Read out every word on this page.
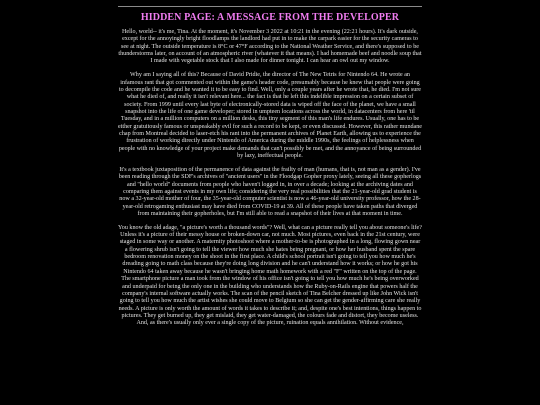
HIDDEN PAGE: A MESSAGE FROM THE DEVELOPER

Hello, world-- it's me, Tina. At the moment, it's November 3 2022 at 10:21 in the evening (22:21 hours). It's dark outside, except for the annoyingly bright floodlamps the landlord had put in to make the carpark easier for the security cameras to see at night. The outside temperature is 8°C or 47°F according to the National Weather Service, and there's supposed to be thunderstorms later, on account of an atmospheric river (whatever it that means). I had homemade beef and noodle soup that I made with vegetable stock that I also made for dinner tonight. I can hear an owl out my window.

Why am I saying all of this? Because of David Pridie, the director of The New Tetris for Nintendo 64. He wrote an infamous rant that got commented out within the game's header code, presumably because he knew that people were going to decompile the code and he wanted it to be easy to find. Well, only a couple years after he wrote that, he died. I'm not sure what he died of, and really it isn't relevant here... the fact is that he left this indelible impression on a certain subset of society. From 1999 until every last byte of electronically-stored data is wiped off the face of the planet, we have a small snapshot into the life of one game developer; stored in umpteen locations across the world, in datacenters from here 'til Tuesday, and in a million computers on a million desks, this tiny segment of this man's life endures. Usually, one has to be either gratuitously famous or unspeakably evil for such a record to be kept, or even discussed. However, this rather mundane chap from Montreal decided to laser-etch his rant into the permanent archives of Planet Earth, allowing us to experience the frustration of working directly under Nintendo of America during the middle 1990s, the feelings of helplessness when people with no knowledge of your project make demands that can't possibly be met, and the annoyance of being surrounded by lazy, ineffectual people.

It's a textbook juxtaposition of the permanence of data against the frailty of man (humans, that is, not man as a gender). I've been reading through the SDF's archives of "ancient users" in the Floodgap Gopher proxy lately, seeing all these gopherlogs and "hello world" documents from people who haven't logged in, in over a decade; looking at the archiving dates and comparing them against events in my own life; considering the very real possibilities that the 21-year-old grad student is now a 32-year-old mother of four, the 35-year-old computer scientist is now a 46-year-old university professor, how the 28-year-old retrogaming enthusiast may have died from COVID-19 at 39. All of these people have taken paths that diverged from maintaining their gopherholes, but I'm still able to read a snapshot of their lives at that moment in time.

You know the old adage, "a picture's worth a thousand words"? Well, what can a picture really tell you about someone's life? Unless it's a picture of their messy house or broken-down car, not much. Most pictures, even back in the 21st century, were staged in some way or another. A maternity photoshoot where a mother-to-be is photographed in a long, flowing gown near a flowering shrub isn't going to tell the viewer how much she hates being pregnant, or how her husband spent the spare bedroom renovation money on the shoot in the first place. A child's school portrait isn't going to tell you how much he's dreading going to math class because they're doing long division and he can't understand how it works; or how he got his Nintendo 64 taken away because he wasn't bringing home math homework with a red "F" written on the top of the page. The smartphone picture a man took from the window of his office isn't going to tell you how much he's being overworked and underpaid for being the only one in the building who understands how the Ruby-on-Rails engine that powers half the company's internal software actually works. The scan of the pencil sketch of Tina Belcher dressed up like John Wick isn't going to tell you how much the artist wishes she could move to Belgium so she can get the gender-affirming care she really needs. A picture is only worth the amount of words it takes to describe it; and, despite one's best intentions, things happen to pictures. They get burned up, they get mislaid, they get water-damaged, the colours fade and distort, they become useless. And, as there's usually only ever a single copy of the picture, ruination equals annihilation. Without evidence,
